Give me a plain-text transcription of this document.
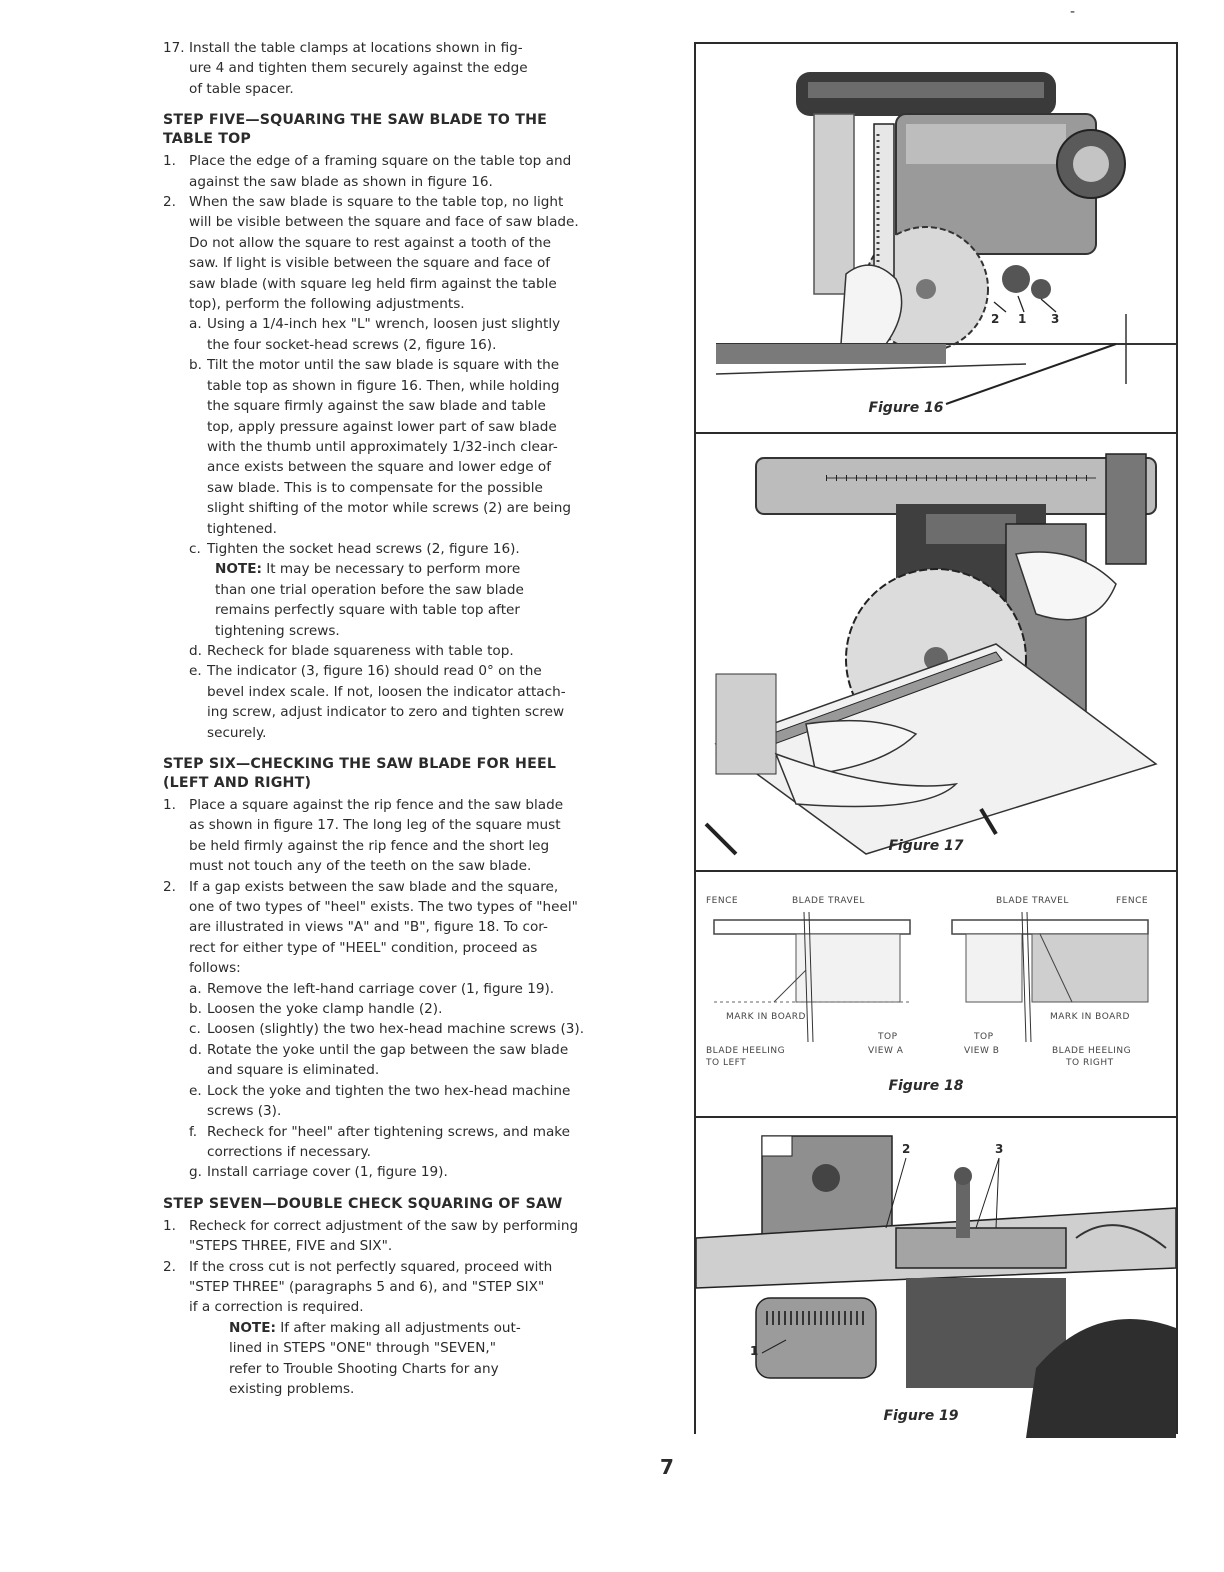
-
17. Install the table clamps at locations shown in fig-

ure 4 and tighten them securely against the edge

of table spacer.

STEP FIVE—SQUARING THE SAW BLADE TO THE
TABLE TOP

1. Place the edge of a framing square on the table top and

against the saw blade as shown in figure 16.

2. When the saw blade is square to the table top, no light

will be visible between the square and face of saw blade.

Do not allow the square to rest against a tooth of the

saw. If light is visible between the square and face of

saw blade (with square leg held firm against the table

top), perform the following adjustments.

a. Using a 1/4-inch hex "L" wrench, loosen just slightly

the four socket-head screws (2, figure 16).

b. Tilt the motor until the saw blade is square with the

table top as shown in figure 16. Then, while holding

the square firmly against the saw blade and table

top, apply pressure against lower part of saw blade

with the thumb until approximately 1/32-inch clear-

ance exists between the square and lower edge of

saw blade. This is to compensate for the possible

slight shifting of the motor while screws (2) are being

tightened.

c. Tighten the socket head screws (2, figure 16).

NOTE: It may be necessary to perform more

than one trial operation before the saw blade

remains perfectly square with table top after

tightening screws.

d. Recheck for blade squareness with table top.

e. The indicator (3, figure 16) should read 0° on the

bevel index scale. If not, loosen the indicator attach-

ing screw, adjust indicator to zero and tighten screw

securely.

STEP SIX—CHECKING THE SAW BLADE FOR HEEL
(LEFT AND RIGHT)

1. Place a square against the rip fence and the saw blade

as shown in figure 17. The long leg of the square must

be held firmly against the rip fence and the short leg

must not touch any of the teeth on the saw blade.

2. If a gap exists between the saw blade and the square,

one of two types of "heel" exists. The two types of "heel"

are illustrated in views "A" and "B", figure 18. To cor-

rect for either type of "HEEL" condition, proceed as

follows:

a. Remove the left-hand carriage cover (1, figure 19).

b. Loosen the yoke clamp handle (2).

c. Loosen (slightly) the two hex-head machine screws (3).

d. Rotate the yoke until the gap between the saw blade

and square is eliminated.

e. Lock the yoke and tighten the two hex-head machine

screws (3).

f. Recheck for "heel" after tightening screws, and make

corrections if necessary.

g. Install carriage cover (1, figure 19).

STEP SEVEN—DOUBLE CHECK SQUARING OF SAW

1. Recheck for correct adjustment of the saw by performing

"STEPS THREE, FIVE and SIX".

2. If the cross cut is not perfectly squared, proceed with

"STEP THREE" (paragraphs 5 and 6), and "STEP SIX"

if a correction is required.

NOTE: If after making all adjustments out-

lined in STEPS "ONE" through "SEVEN,"

refer to Trouble Shooting Charts for any

existing problems.

2 1 3
Figure 16
Figure 17
FENCE	BLADE TRAVEL	BLADE TRAVEL	FENCE
MARK IN BOARD	MARK IN BOARD
TOP
VIEW A
TOP
VIEW B
BLADE HEELING
TO LEFT
BLADE HEELING
TO RIGHT
Figure 18
2	3
1
Figure 19
7
